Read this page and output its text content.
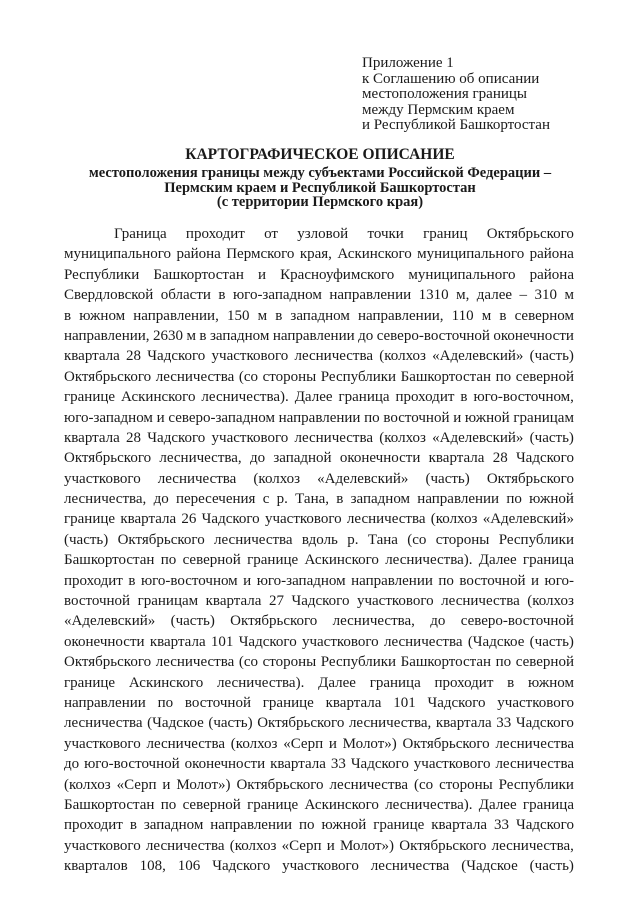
Приложение 1
к Соглашению об описании
местоположения границы
между Пермским краем
и Республикой Башкортостан
КАРТОГРАФИЧЕСКОЕ ОПИСАНИЕ
местоположения границы между субъектами Российской Федерации –
Пермским краем и Республикой Башкортостан
(с территории Пермского края)
Граница проходит от узловой точки границ Октябрьского
муниципального района Пермского края, Аскинского муниципального района
Республики Башкортостан и Красноуфимского муниципального района
Свердловской области в юго-западном направлении 1310 м, далее – 310 м
в южном направлении, 150 м в западном направлении, 110 м в северном
направлении, 2630 м в западном направлении до северо-восточной оконечности
квартала 28 Чадского участкового лесничества (колхоз «Аделевский» (часть)
Октябрьского лесничества (со стороны Республики Башкортостан по северной
границе Аскинского лесничества). Далее граница проходит в юго-восточном,
юго-западном и северо-западном направлении по восточной и южной границам
квартала 28 Чадского участкового лесничества (колхоз «Аделевский» (часть)
Октябрьского лесничества, до западной оконечности квартала 28 Чадского
участкового лесничества (колхоз «Аделевский» (часть) Октябрьского
лесничества, до пересечения с р. Тана, в западном направлении по южной
границе квартала 26 Чадского участкового лесничества (колхоз «Аделевский»
(часть) Октябрьского лесничества вдоль р. Тана (со стороны Республики
Башкортостан по северной границе Аскинского лесничества). Далее граница
проходит в юго-восточном и юго-западном направлении по восточной и юго-
восточной границам квартала 27 Чадского участкового лесничества (колхоз
«Аделевский» (часть) Октябрьского лесничества, до северо-восточной
оконечности квартала 101 Чадского участкового лесничества (Чадское (часть)
Октябрьского лесничества (со стороны Республики Башкортостан по северной
границе Аскинского лесничества). Далее граница проходит в южном
направлении по восточной границе квартала 101 Чадского участкового
лесничества (Чадское (часть) Октябрьского лесничества, квартала 33 Чадского
участкового лесничества (колхоз «Серп и Молот») Октябрьского лесничества
до юго-восточной оконечности квартала 33 Чадского участкового лесничества
(колхоз «Серп и Молот») Октябрьского лесничества (со стороны Республики
Башкортостан по северной границе Аскинского лесничества). Далее граница
проходит в западном направлении по южной границе квартала 33 Чадского
участкового лесничества (колхоз «Серп и Молот») Октябрьского лесничества,
кварталов 108, 106 Чадского участкового лесничества (Чадское (часть)
